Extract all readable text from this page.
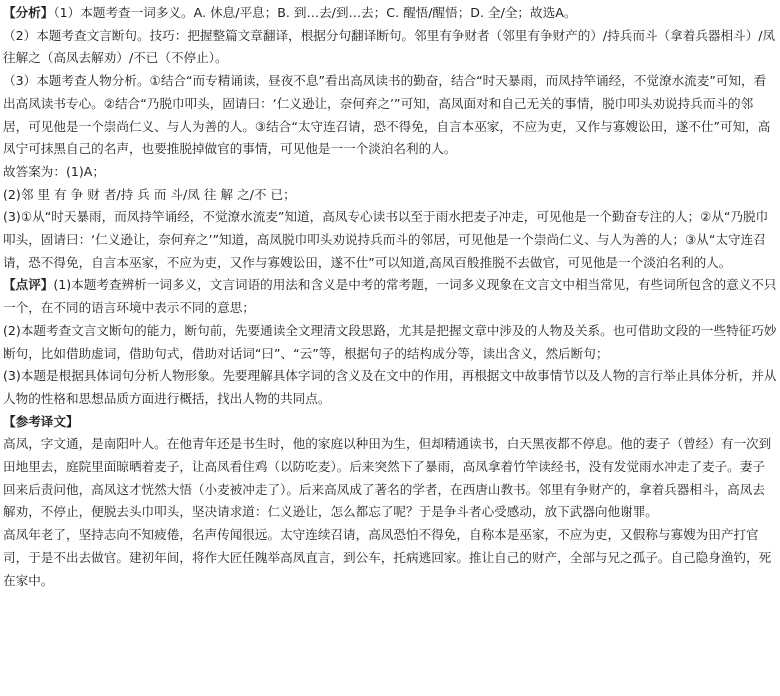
【分析】（1）本题考查一词多义。A. 休息/平息；B. 到…去/到…去；C. 醒悟/醒悟；D. 全/全；故选A。

（2）本题考查文言断句。技巧：把握整篇文章翻译，根据分句翻译断句。邻里有争财者（邻里有争财产的）/持兵而斗（拿着兵器相斗）/凤往解之（高凤去解劝）/不已（不停止）。

（3）本题考查人物分析。①结合“而专精诵读，昼夜不息”看出高凤读书的勤奋，结合“时天暴雨，而凤持竿诵经，不觉潦水流麦”可知，看出高凤读书专心。②结合“乃脱巾叩头，固请曰：‘仁义逊让，奈何弃之’”可知，高凤面对和自己无关的事情，脱巾叩头劝说持兵而斗的邻居，可见他是一个崇尚仁义、与人为善的人。③结合“太守连召请，恐不得免，自言本巫家，不应为吏，又作与寡嫂讼田，遂不仕”可知，高凤宁可抹黑自己的名声，也要推脱掉做官的事情，可见他是一一个淡泊名利的人。

故答案为：(1)A；

(2)邻 里 有 争 财 者/持 兵 而 斗/凤 往 解 之/不 已；

(3)①从“时天暴雨，而凤持竿诵经，不觉潦水流麦”知道，高凤专心读书以至于雨水把麦子冲走，可见他是一个勤奋专注的人；②从“乃脱巾叩头，固请曰：‘仁义逊让，奈何弃之’”知道，高凤脱巾叩头劝说持兵而斗的邻居，可见他是一个崇尚仁义、与人为善的人；③从“太守连召请，恐不得免，自言本巫家，不应为吏，又作与寡嫂讼田，遂不仕”可以知道,高凤百般推脱不去做官，可见他是一个淡泊名利的人。

【点评】(1)本题考查辨析一词多义，文言词语的用法和含义是中考的常考题，一词多义现象在文言文中相当常见，有些词所包含的意义不只一个，在不同的语言环境中表示不同的意思；

(2)本题考查文言文断句的能力，断句前，先要通读全文理清文段思路，尤其是把握文章中涉及的人物及关系。也可借助文段的一些特征巧妙断句，比如借助虚词，借助句式，借助对话词“曰”、“云”等，根据句子的结构成分等，读出含义，然后断句；

(3)本题是根据具体词句分析人物形象。先要理解具体字词的含义及在文中的作用，再根据文中故事情节以及人物的言行举止具体分析，并从人物的性格和思想品质方面进行概括，找出人物的共同点。

【参考译文】

高凤，字文通，是南阳叶人。在他青年还是书生时，他的家庭以种田为生，但却精通读书，白天黑夜都不停息。他的妻子（曾经）有一次到田地里去，庭院里面晾晒着麦子，让高凤看住鸡（以防吃麦）。后来突然下了暴雨，高凤拿着竹竿读经书，没有发觉雨水冲走了麦子。妻子回来后责问他，高凤这才恍然大悟（小麦被冲走了）。后来高凤成了著名的学者，在西唐山教书。邻里有争财产的，拿着兵器相斗，高凤去解劝，不停止，便脱去头巾叩头，坚决请求道：仁义逊让，怎么都忘了呢？于是争斗者心受感动，放下武器向他谢罪。

高凤年老了，坚持志向不知疲倦，名声传闻很远。太守连续召请，高凤恐怕不得免，自称本是巫家，不应为吏，又假称与寡嫂为田产打官司，于是不出去做官。建初年间，将作大匠任隗举高凤直言，到公车，托病逃回家。推让自己的财产，全部与兄之孤子。自己隐身渔钓，死在家中。
